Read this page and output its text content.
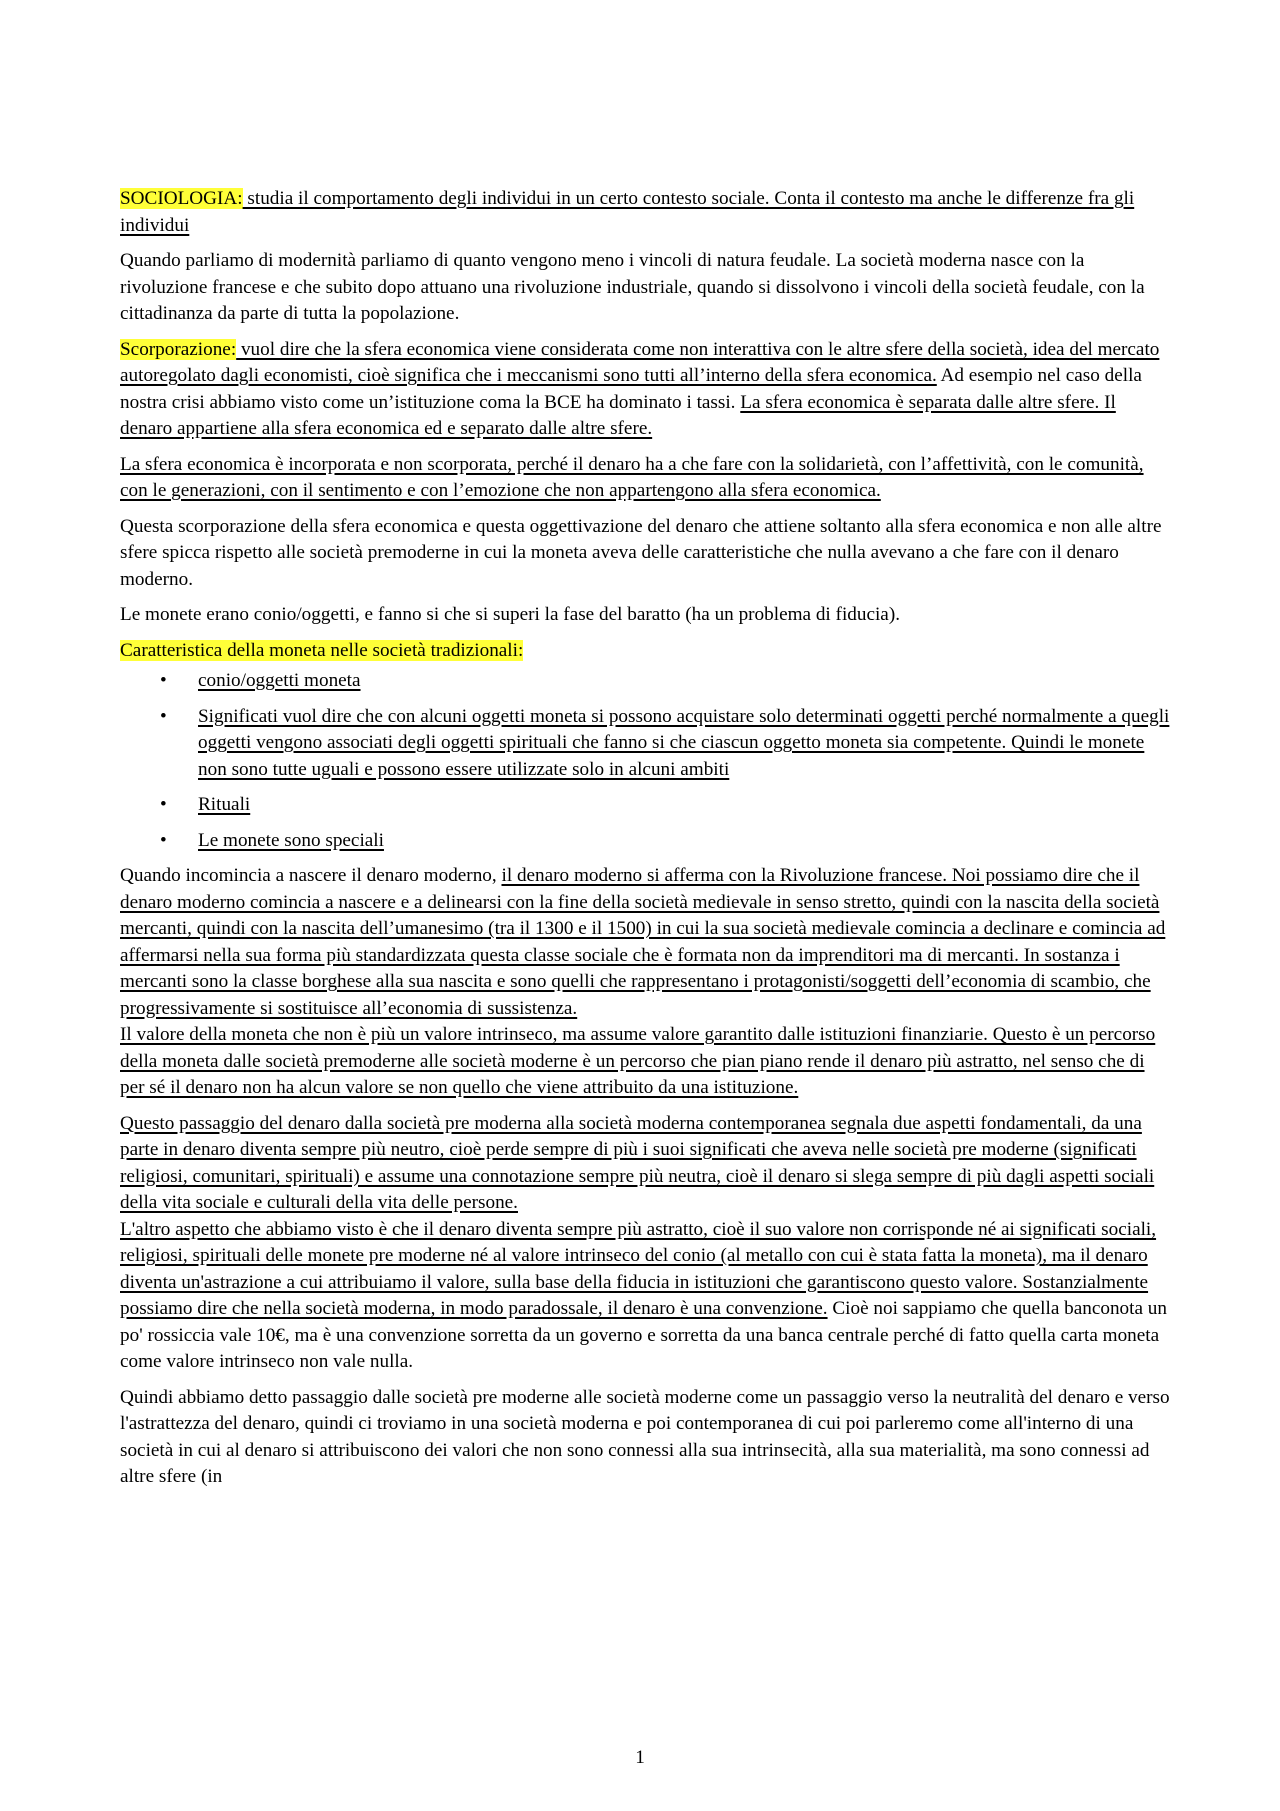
SOCIOLOGIA: studia il comportamento degli individui in un certo contesto sociale. Conta il contesto ma anche le differenze fra gli individui

Quando parliamo di modernità parliamo di quanto vengono meno i vincoli di natura feudale. La società moderna nasce con la rivoluzione francese e che subito dopo attuano una rivoluzione industriale, quando si dissolvono i vincoli della società feudale, con la cittadinanza da parte di tutta la popolazione.

Scorporazione: vuol dire che la sfera economica viene considerata come non interattiva con le altre sfere della società, idea del mercato autoregolato dagli economisti, cioè significa che i meccanismi sono tutti all’interno della sfera economica. Ad esempio nel caso della nostra crisi abbiamo visto come un’istituzione coma la BCE ha dominato i tassi. La sfera economica è separata dalle altre sfere. Il denaro appartiene alla sfera economica ed e separato dalle altre sfere.

La sfera economica è incorporata e non scorporata, perché il denaro ha a che fare con la solidarietà, con l’affettività, con le comunità, con le generazioni, con il sentimento e con l’emozione che non appartengono alla sfera economica.

Questa scorporazione della sfera economica e questa oggettivazione del denaro che attiene soltanto alla sfera economica e non alle altre sfere spicca rispetto alle società premoderne in cui la moneta aveva delle caratteristiche che nulla avevano a che fare con il denaro moderno.

Le monete erano conio/oggetti, e fanno si che si superi la fase del baratto (ha un problema di fiducia).

Caratteristica della moneta nelle società tradizionali:

• conio/oggetti moneta
• Significati vuol dire che con alcuni oggetti moneta si possono acquistare solo determinati oggetti perché normalmente a quegli oggetti vengono associati degli oggetti spirituali che fanno si che ciascun oggetto moneta sia competente. Quindi le monete non sono tutte uguali e possono essere utilizzate solo in alcuni ambiti
• Rituali
• Le monete sono speciali

Quando incomincia a nascere il denaro moderno, il denaro moderno si afferma con la Rivoluzione francese. Noi possiamo dire che il denaro moderno comincia a nascere e a delinearsi con la fine della società medievale in senso stretto, quindi con la nascita della società mercanti, quindi con la nascita dell’umanesimo (tra il 1300 e il 1500) in cui la sua società medievale comincia a declinare e comincia ad affermarsi nella sua forma più standardizzata questa classe sociale che è formata non da imprenditori ma di mercanti. In sostanza i mercanti sono la classe borghese alla sua nascita e sono quelli che rappresentano i protagonisti/soggetti dell’economia di scambio, che progressivamente si sostituisce all’economia di sussistenza.

Il valore della moneta che non è più un valore intrinseco, ma assume valore garantito dalle istituzioni finanziarie. Questo è un percorso della moneta dalle società premoderne alle società moderne è un percorso che pian piano rende il denaro più astratto, nel senso che di per sé il denaro non ha alcun valore se non quello che viene attribuito da una istituzione.

Questo passaggio del denaro dalla società pre moderna alla società moderna contemporanea segnala due aspetti fondamentali, da una parte in denaro diventa sempre più neutro, cioè perde sempre di più i suoi significati che aveva nelle società pre moderne (significati religiosi, comunitari, spirituali) e assume una connotazione sempre più neutra, cioè il denaro si slega sempre di più dagli aspetti sociali della vita sociale e culturali della vita delle persone.

L'altro aspetto che abbiamo visto è che il denaro diventa sempre più astratto, cioè il suo valore non corrisponde né ai significati sociali, religiosi, spirituali delle monete pre moderne né al valore intrinseco del conio (al metallo con cui è stata fatta la moneta), ma il denaro diventa un'astrazione a cui attribuiamo il valore, sulla base della fiducia in istituzioni che garantiscono questo valore. Sostanzialmente possiamo dire che nella società moderna, in modo paradossale, il denaro è una convenzione. Cioè noi sappiamo che quella banconota un po' rossiccia vale 10€, ma è una convenzione sorretta da un governo e sorretta da una banca centrale perché di fatto quella carta moneta come valore intrinseco non vale nulla.

Quindi abbiamo detto passaggio dalle società pre moderne alle società moderne come un passaggio verso la neutralità del denaro e verso l'astrattezza del denaro, quindi ci troviamo in una società moderna e poi contemporanea di cui poi parleremo come all'interno di una società in cui al denaro si attribuiscono dei valori che non sono connessi alla sua intrinsecità, alla sua materialità, ma sono connessi ad altre sfere (in

1
